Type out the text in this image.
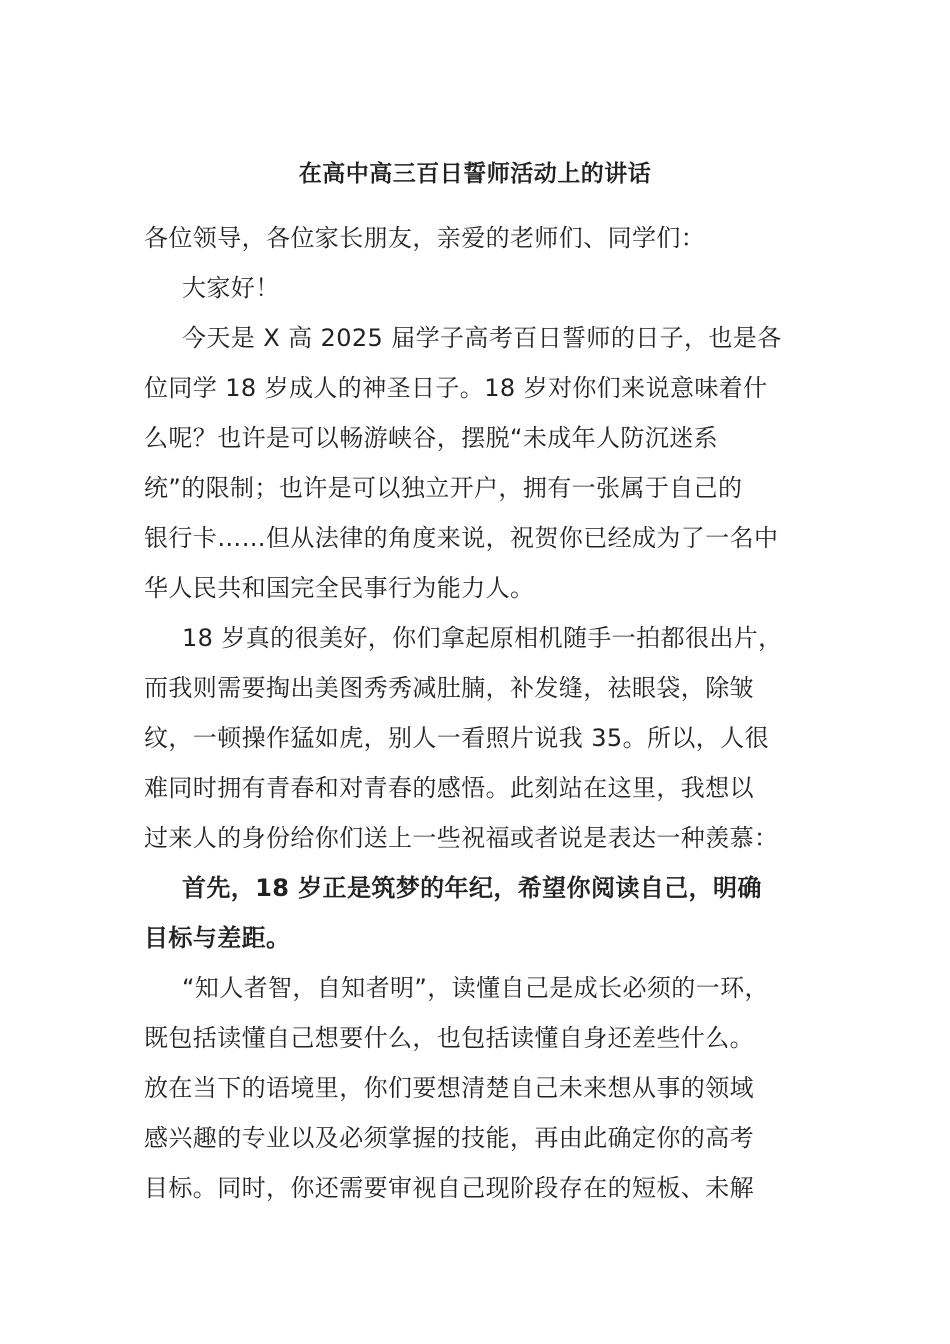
在高中高三百日誓师活动上的讲话
各位领导，各位家长朋友，亲爱的老师们、同学们：
大家好！
今天是 X 高 2025 届学子高考百日誓师的日子，也是各
位同学 18 岁成人的神圣日子。18 岁对你们来说意味着什
么呢？也许是可以畅游峡谷，摆脱“未成年人防沉迷系
统”的限制；也许是可以独立开户，拥有一张属于自己的
银行卡……但从法律的角度来说，祝贺你已经成为了一名中
华人民共和国完全民事行为能力人。
18 岁真的很美好，你们拿起原相机随手一拍都很出片，
而我则需要掏出美图秀秀减肚腩，补发缝，祛眼袋，除皱
纹，一顿操作猛如虎，别人一看照片说我 35。所以，人很
难同时拥有青春和对青春的感悟。此刻站在这里，我想以
过来人的身份给你们送上一些祝福或者说是表达一种羡慕：
首先，18 岁正是筑梦的年纪，希望你阅读自己，明确
目标与差距。
“知人者智，自知者明”，读懂自己是成长必须的一环，
既包括读懂自己想要什么，也包括读懂自身还差些什么。
放在当下的语境里，你们要想清楚自己未来想从事的领域
感兴趣的专业以及必须掌握的技能，再由此确定你的高考
目标。同时，你还需要审视自己现阶段存在的短板、未解
